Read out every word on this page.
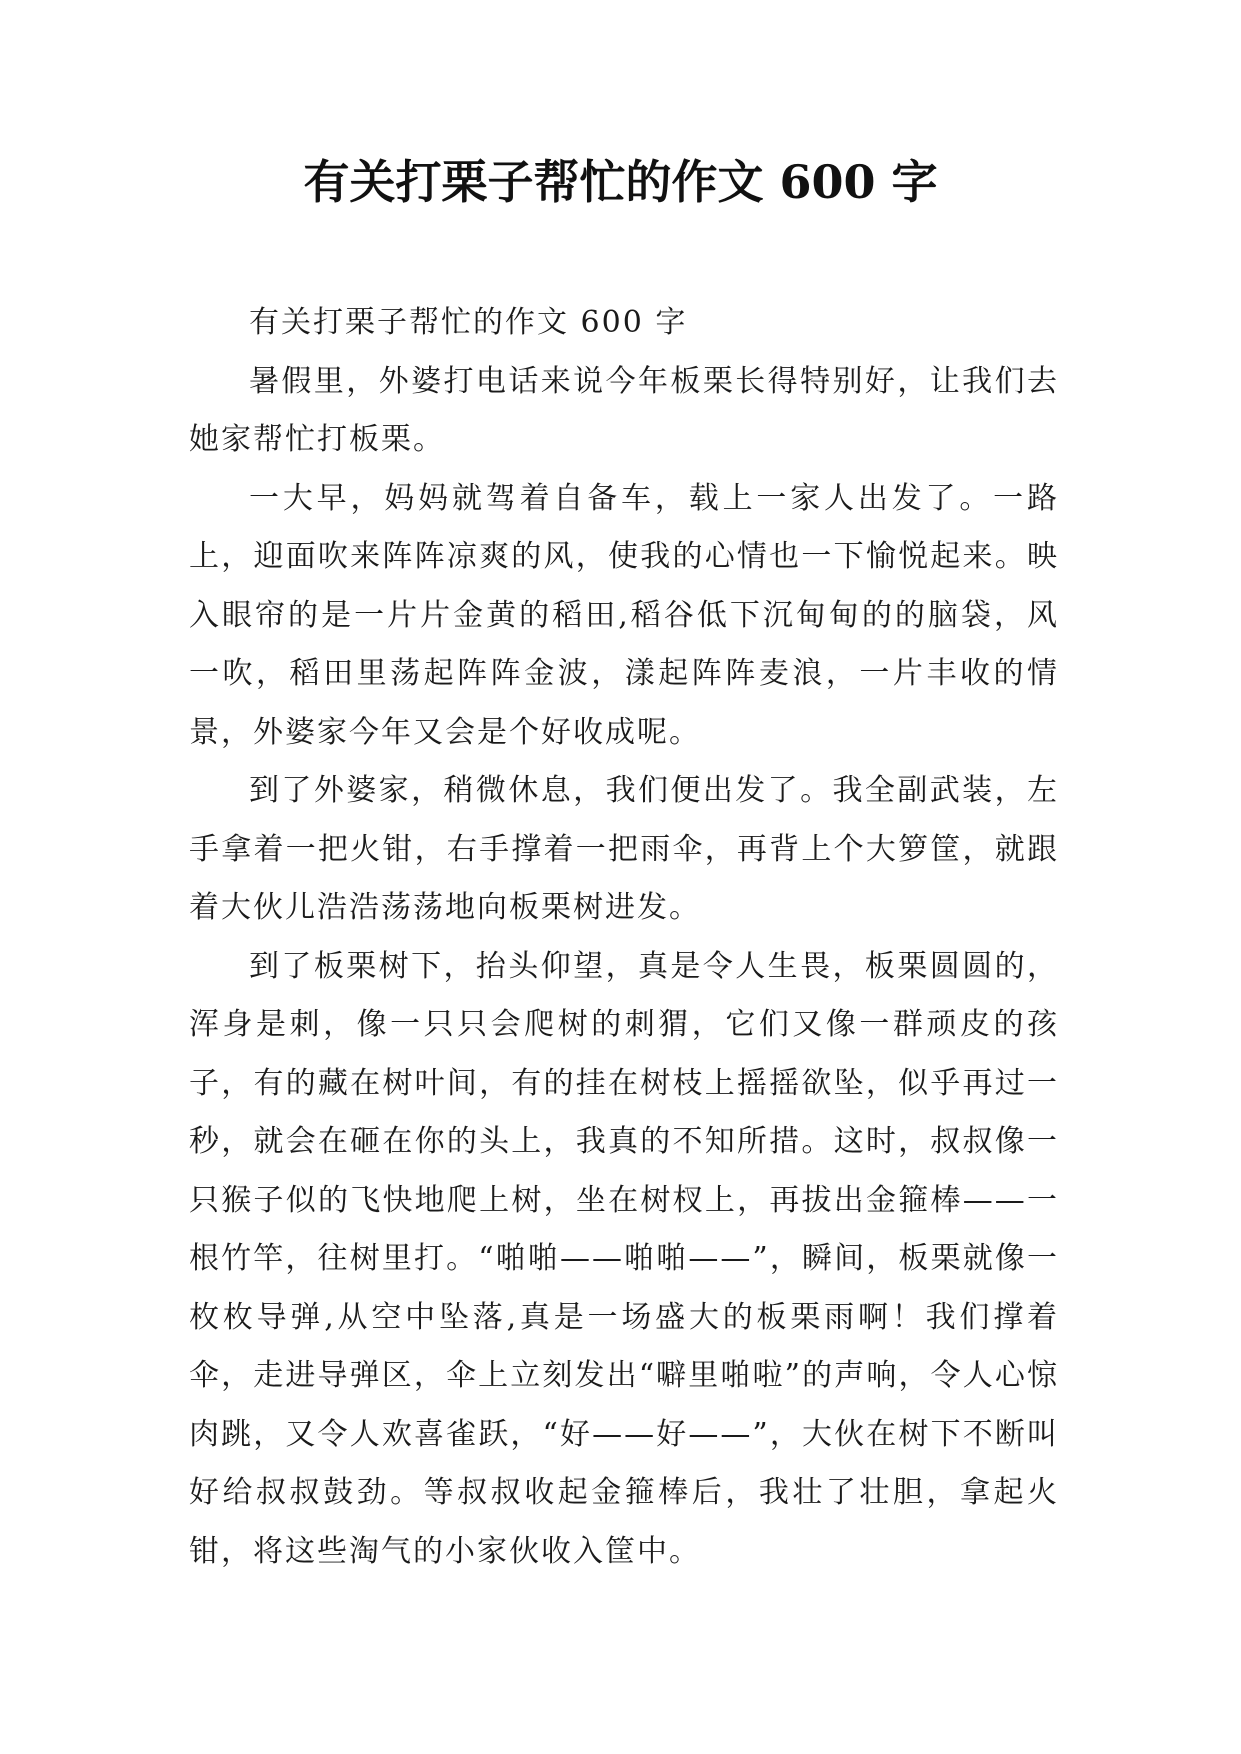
有关打栗子帮忙的作文 600 字

有关打栗子帮忙的作文 600 字

暑假里，外婆打电话来说今年板栗长得特别好，让我们去她家帮忙打板栗。

一大早，妈妈就驾着自备车，载上一家人出发了。一路上，迎面吹来阵阵凉爽的风，使我的心情也一下愉悦起来。映入眼帘的是一片片金黄的稻田,稻谷低下沉甸甸的的脑袋，风一吹，稻田里荡起阵阵金波，漾起阵阵麦浪，一片丰收的情景，外婆家今年又会是个好收成呢。

到了外婆家，稍微休息，我们便出发了。我全副武装，左手拿着一把火钳，右手撑着一把雨伞，再背上个大箩筐，就跟着大伙儿浩浩荡荡地向板栗树进发。

到了板栗树下，抬头仰望，真是令人生畏，板栗圆圆的，浑身是刺，像一只只会爬树的刺猬，它们又像一群顽皮的孩子，有的藏在树叶间，有的挂在树枝上摇摇欲坠，似乎再过一秒，就会在砸在你的头上，我真的不知所措。这时，叔叔像一只猴子似的飞快地爬上树，坐在树杈上，再拔出金箍棒——一根竹竿，往树里打。“啪啪——啪啪——”，瞬间，板栗就像一枚枚导弹,从空中坠落,真是一场盛大的板栗雨啊！我们撑着伞，走进导弹区，伞上立刻发出“噼里啪啦”的声响，令人心惊肉跳，又令人欢喜雀跃，“好——好——”，大伙在树下不断叫好给叔叔鼓劲。等叔叔收起金箍棒后，我壮了壮胆，拿起火钳，将这些淘气的小家伙收入筐中。
